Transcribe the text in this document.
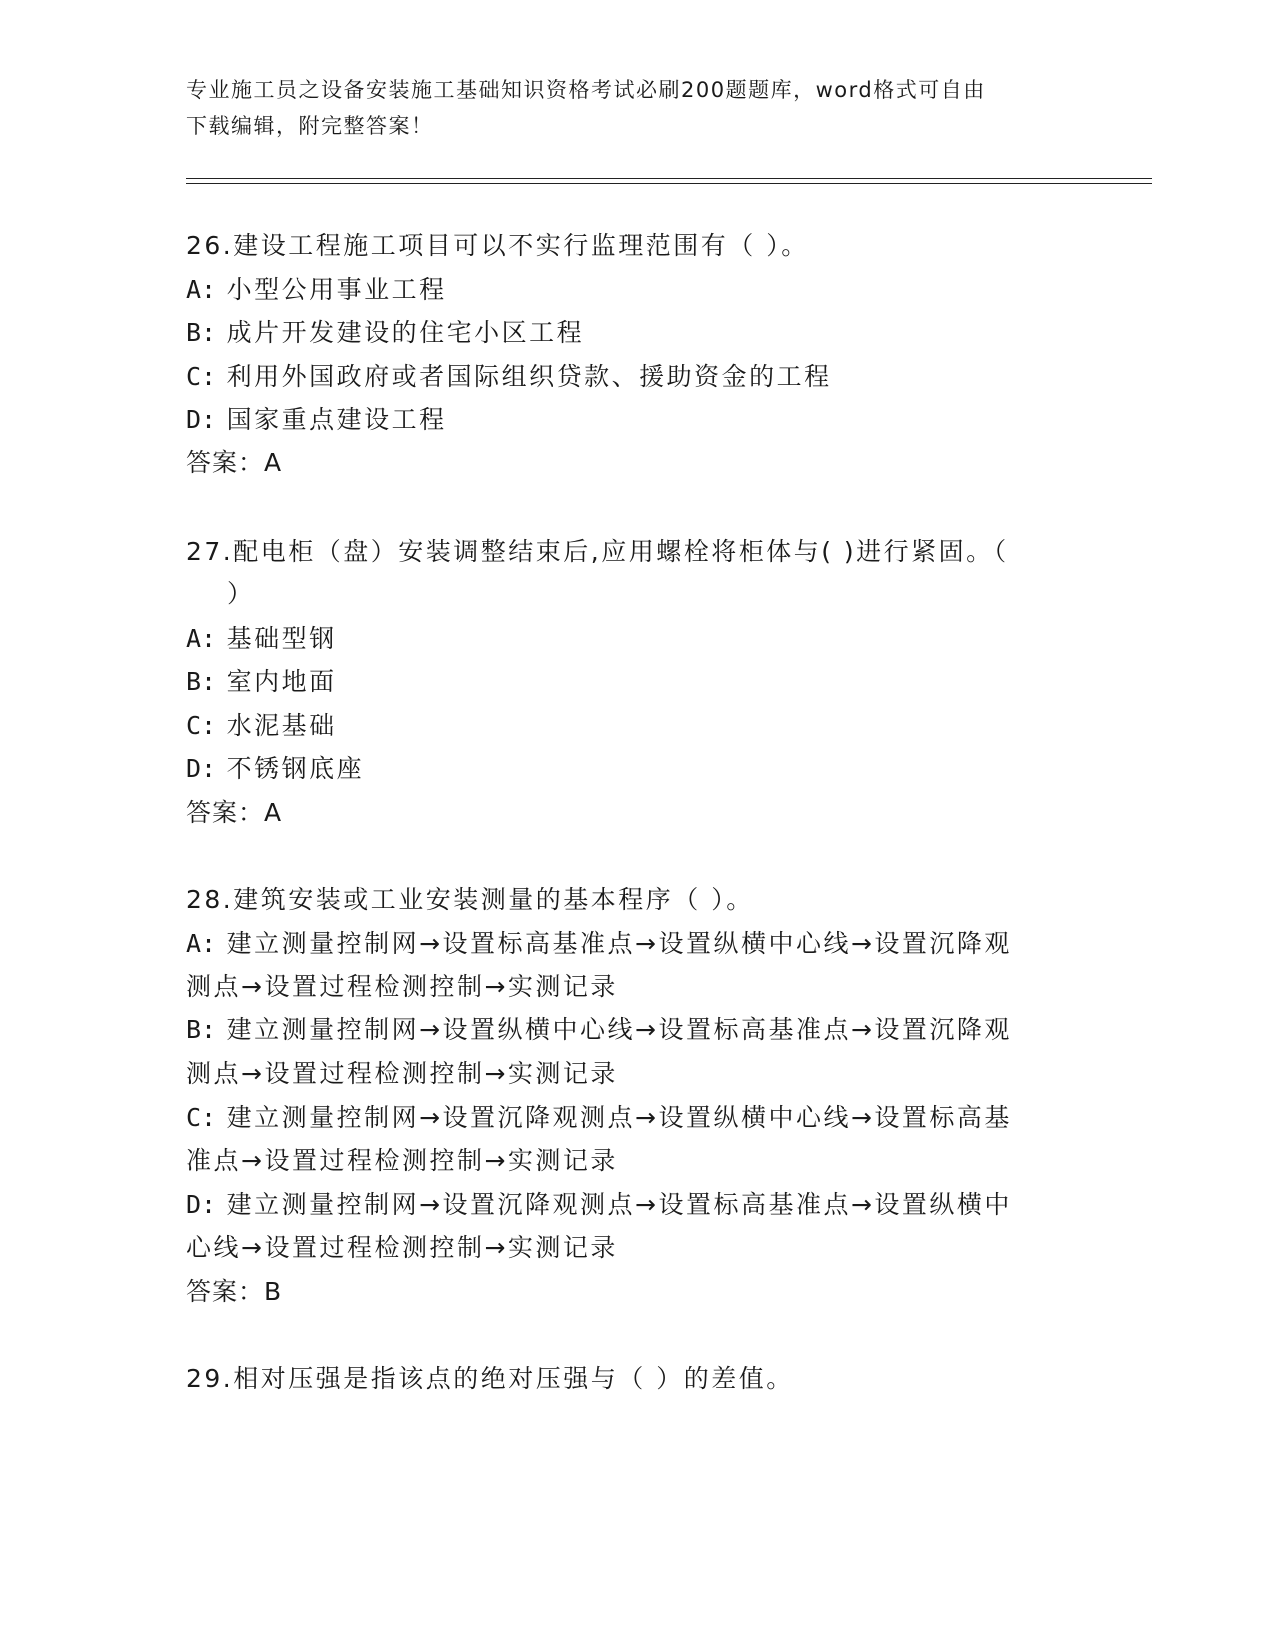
专业施工员之设备安装施工基础知识资格考试必刷200题题库，word格式可自由
下载编辑，附完整答案！
26.建设工程施工项目可以不实行监理范围有（ ）。
A: 小型公用事业工程
B: 成片开发建设的住宅小区工程
C: 利用外国政府或者国际组织贷款、援助资金的工程
D: 国家重点建设工程
答案：A
27.配电柜（盘）安装调整结束后,应用螺栓将柜体与( )进行紧固。（
）
A: 基础型钢
B: 室内地面
C: 水泥基础
D: 不锈钢底座
答案：A
28.建筑安装或工业安装测量的基本程序（ ）。
A: 建立测量控制网→设置标高基准点→设置纵横中心线→设置沉降观
测点→设置过程检测控制→实测记录
B: 建立测量控制网→设置纵横中心线→设置标高基准点→设置沉降观
测点→设置过程检测控制→实测记录
C: 建立测量控制网→设置沉降观测点→设置纵横中心线→设置标高基
准点→设置过程检测控制→实测记录
D: 建立测量控制网→设置沉降观测点→设置标高基准点→设置纵横中
心线→设置过程检测控制→实测记录
答案：B
29.相对压强是指该点的绝对压强与（ ）的差值。
